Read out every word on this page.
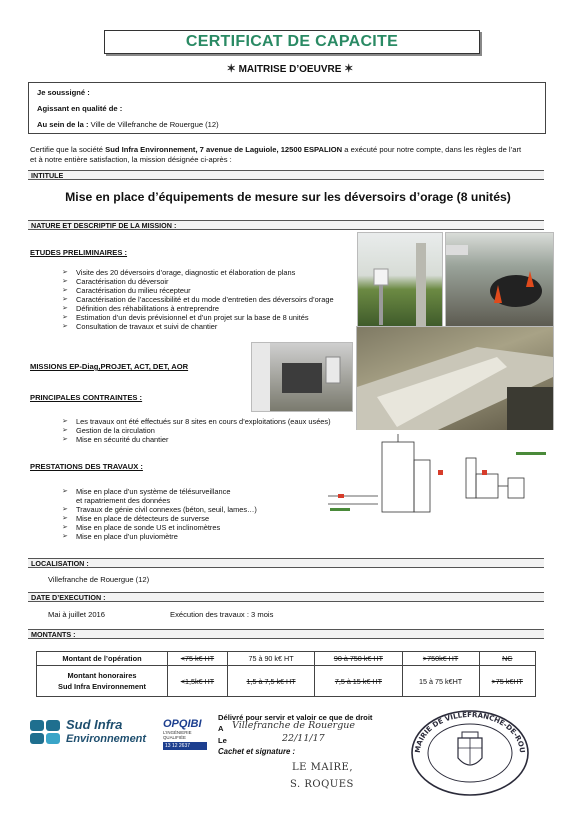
CERTIFICAT DE CAPACITE
✶ MAITRISE D’OEUVRE ✶
Je soussigné :
Agissant en qualité de :
Au sein de la : Ville de Villefranche de Rouergue (12)
Certifie que la société Sud Infra Environnement, 7 avenue de Laguiole, 12500 ESPALION a exécuté pour notre compte, dans les règles de l’art
et à notre entière satisfaction, la mission désignée ci-après :
INTITULE
Mise en place d’équipements de mesure sur les déversoirs d’orage (8 unités)
NATURE ET DESCRIPTIF DE LA MISSION :
ETUDES PRELIMINAIRES :
➢ Visite des 20 déversoirs d’orage, diagnostic et élaboration de plans
➢ Caractérisation du déversoir
➢ Caractérisation du milieu récepteur
➢ Caractérisation de l’accessibilité et du mode d’entretien des déversoirs d’orage
➢ Définition des réhabilitations à entreprendre
➢ Estimation d’un devis prévisionnel et d’un projet sur la base de 8 unités
➢ Consultation de travaux et suivi de chantier
MISSIONS EP-Diag,PROJET, ACT, DET, AOR
PRINCIPALES CONTRAINTES :
➢ Les travaux ont été effectués sur 8 sites en cours d’exploitations (eaux usées)
➢ Gestion de la circulation
➢ Mise en sécurité du chantier
PRESTATIONS DES TRAVAUX :
➢ Mise en place d’un système de télésurveillance
et rapatriement des données
➢ Travaux de génie civil connexes (béton, seuil, lames…)
➢ Mise en place de détecteurs de surverse
➢ Mise en place de sonde US et inclinomètres
➢ Mise en place d’un pluviomètre
LOCALISATION :
Villefranche de Rouergue (12)
DATE D’EXECUTION :
Mai à juillet 2016	Exécution des travaux : 3 mois
MONTANTS :
Montant de l’opération	<75 k€ HT	75 à 90 k€ HT	90 à 750 k€ HT	>750k€ HT	NC
Montant honoraires
Sud Infra Environnement	<1,5k€ HT	1,5 à 7,5 k€ HT	7,5 à 15 k€ HT	15 à 75 k€HT	>75 k€HT
Sud Infra
Environnement
OPQIBI
L’INGÉNIERIE QUALIFIÉE
13 12 2637
Délivré pour servir et valoir ce que de droit
A Villefranche de Rouergue
Le	22/11/17
Cachet et signature :
LE MAIRE,
S. ROQUES
MAIRIE DE VILLEFRANCHE-DE-ROU
